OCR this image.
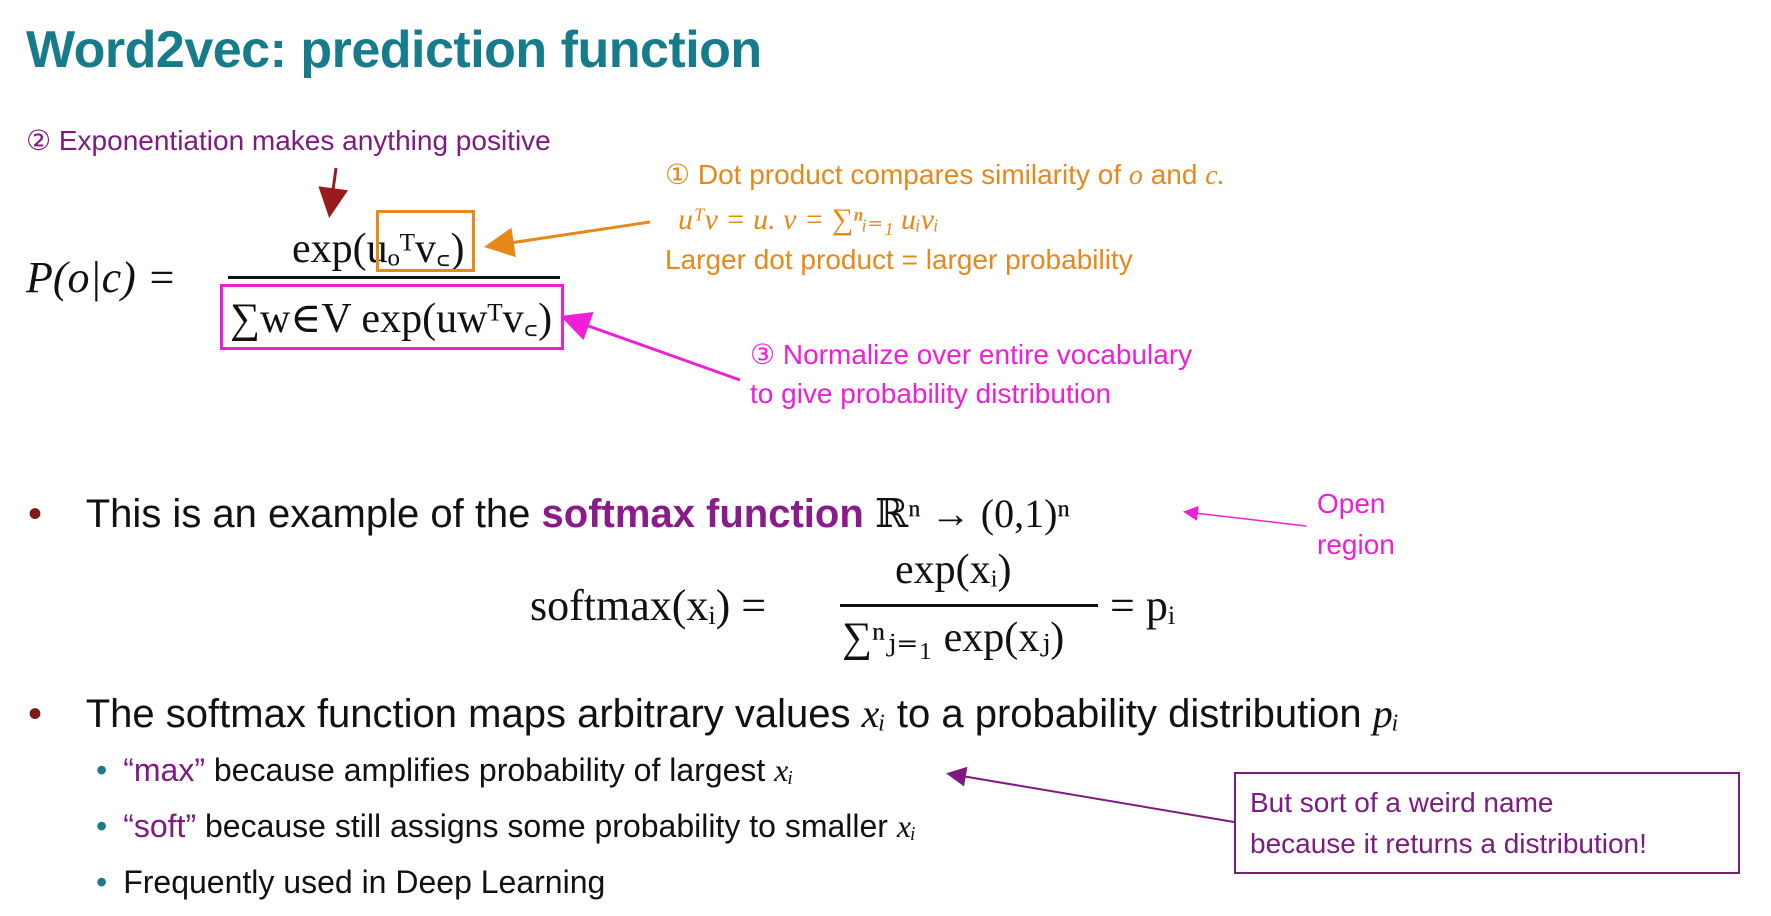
Word2vec: prediction function
② Exponentiation makes anything positive
① Dot product compares similarity of o and c.
uᵀv = u. v = ∑ⁿᵢ₌₁ uᵢvᵢ
Larger dot product = larger probability
P(o|c) =
exp(uₒᵀv꜀)
∑w∈V exp(uwᵀv꜀)
③ Normalize over entire vocabulary
to give probability distribution
• This is an example of the softmax function ℝⁿ → (0,1)ⁿ	Open
region
softmax(xᵢ) =
exp(xᵢ)
∑ⁿⱼ₌₁ exp(xⱼ)
= pᵢ
• The softmax function maps arbitrary values xᵢ to a probability distribution pᵢ
• “max” because amplifies probability of largest xᵢ
• “soft” because still assigns some probability to smaller xᵢ
• Frequently used in Deep Learning
But sort of a weird name
because it returns a distribution!
